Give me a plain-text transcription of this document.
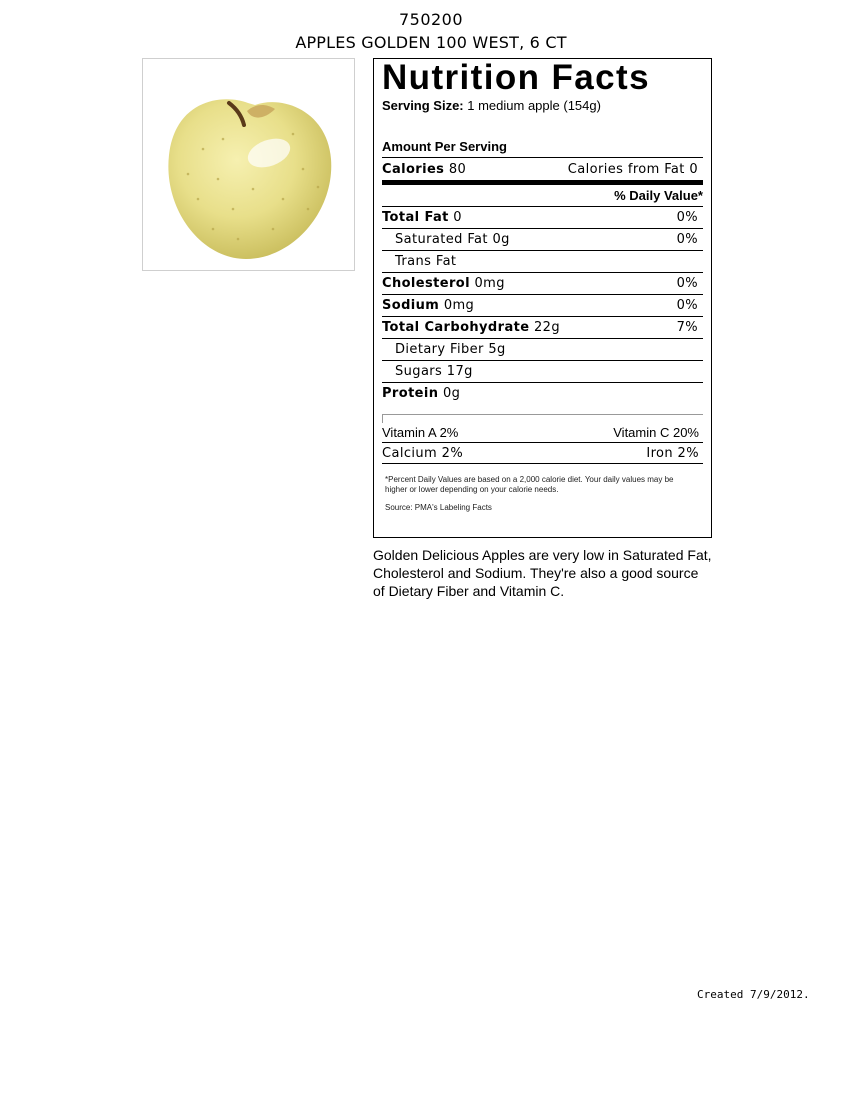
750200
APPLES GOLDEN 100 WEST, 6 CT
Nutrition Facts
Serving Size: 1 medium apple (154g)
Amount Per Serving
Calories 80	Calories from Fat 0
% Daily Value*
Total Fat 0	0%
Saturated Fat 0g	0%
Trans Fat
Cholesterol 0mg	0%
Sodium 0mg	0%
Total Carbohydrate 22g	7%
Dietary Fiber 5g
Sugars 17g
Protein 0g
Vitamin A 2%	Vitamin C 20%
Calcium 2%	Iron 2%
*Percent Daily Values are based on a 2,000 calorie diet. Your daily values may be higher or lower depending on your calorie needs.
Source: PMA's Labeling Facts
Golden Delicious Apples are very low in Saturated Fat, Cholesterol and Sodium. They're also a good source of Dietary Fiber and Vitamin C.
Created 7/9/2012.
